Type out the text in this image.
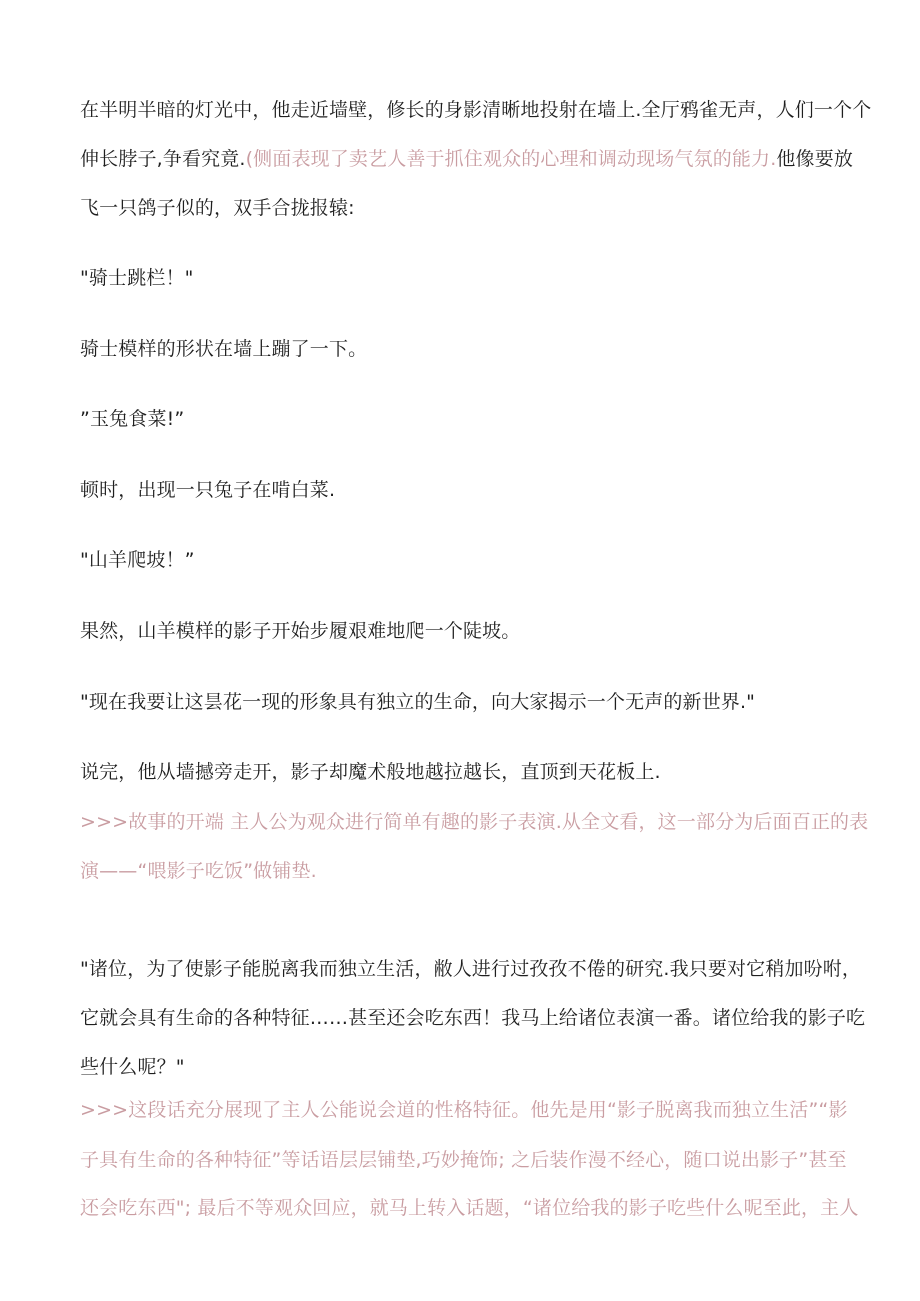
在半明半暗的灯光中，他走近墙壁，修长的身影清晰地投射在墙上.全厅鸦雀无声，人们一个个

伸长脖子,争看究竟.(侧面表现了卖艺人善于抓住观众的心理和调动现场气氛的能力.他像要放

飞一只鸽子似的，双手合拢报辕:

"骑士跳栏！"

骑士模样的形状在墙上蹦了一下。

”玉兔食菜!”

顿时，出现一只兔子在啃白菜.

"山羊爬坡！”

果然，山羊模样的影子开始步履艰难地爬一个陡坡。

"现在我要让这昙花一现的形象具有独立的生命，向大家揭示一个无声的新世界."

说完，他从墙撼旁走开，影子却魔术般地越拉越长，直顶到天花板上.

>>>故事的开端 主人公为观众进行简单有趣的影子表演.从全文看，这一部分为后面百正的表

演——“喂影子吃饭”做铺垫.

"诸位，为了使影子能脱离我而独立生活，敝人进行过孜孜不倦的研究.我只要对它稍加吩咐，

它就会具有生命的各种特征……甚至还会吃东西！我马上给诸位表演一番。诸位给我的影子吃

些什么呢？"

>>>这段话充分展现了主人公能说会道的性格特征。他先是用“影子脱离我而独立生活”“影

子具有生命的各种特征”等话语层层铺垫,巧妙掩饰; 之后装作漫不经心，随口说出影子”甚至

还会吃东西"; 最后不等观众回应，就马上转入话题，“诸位给我的影子吃些什么呢至此，主人
